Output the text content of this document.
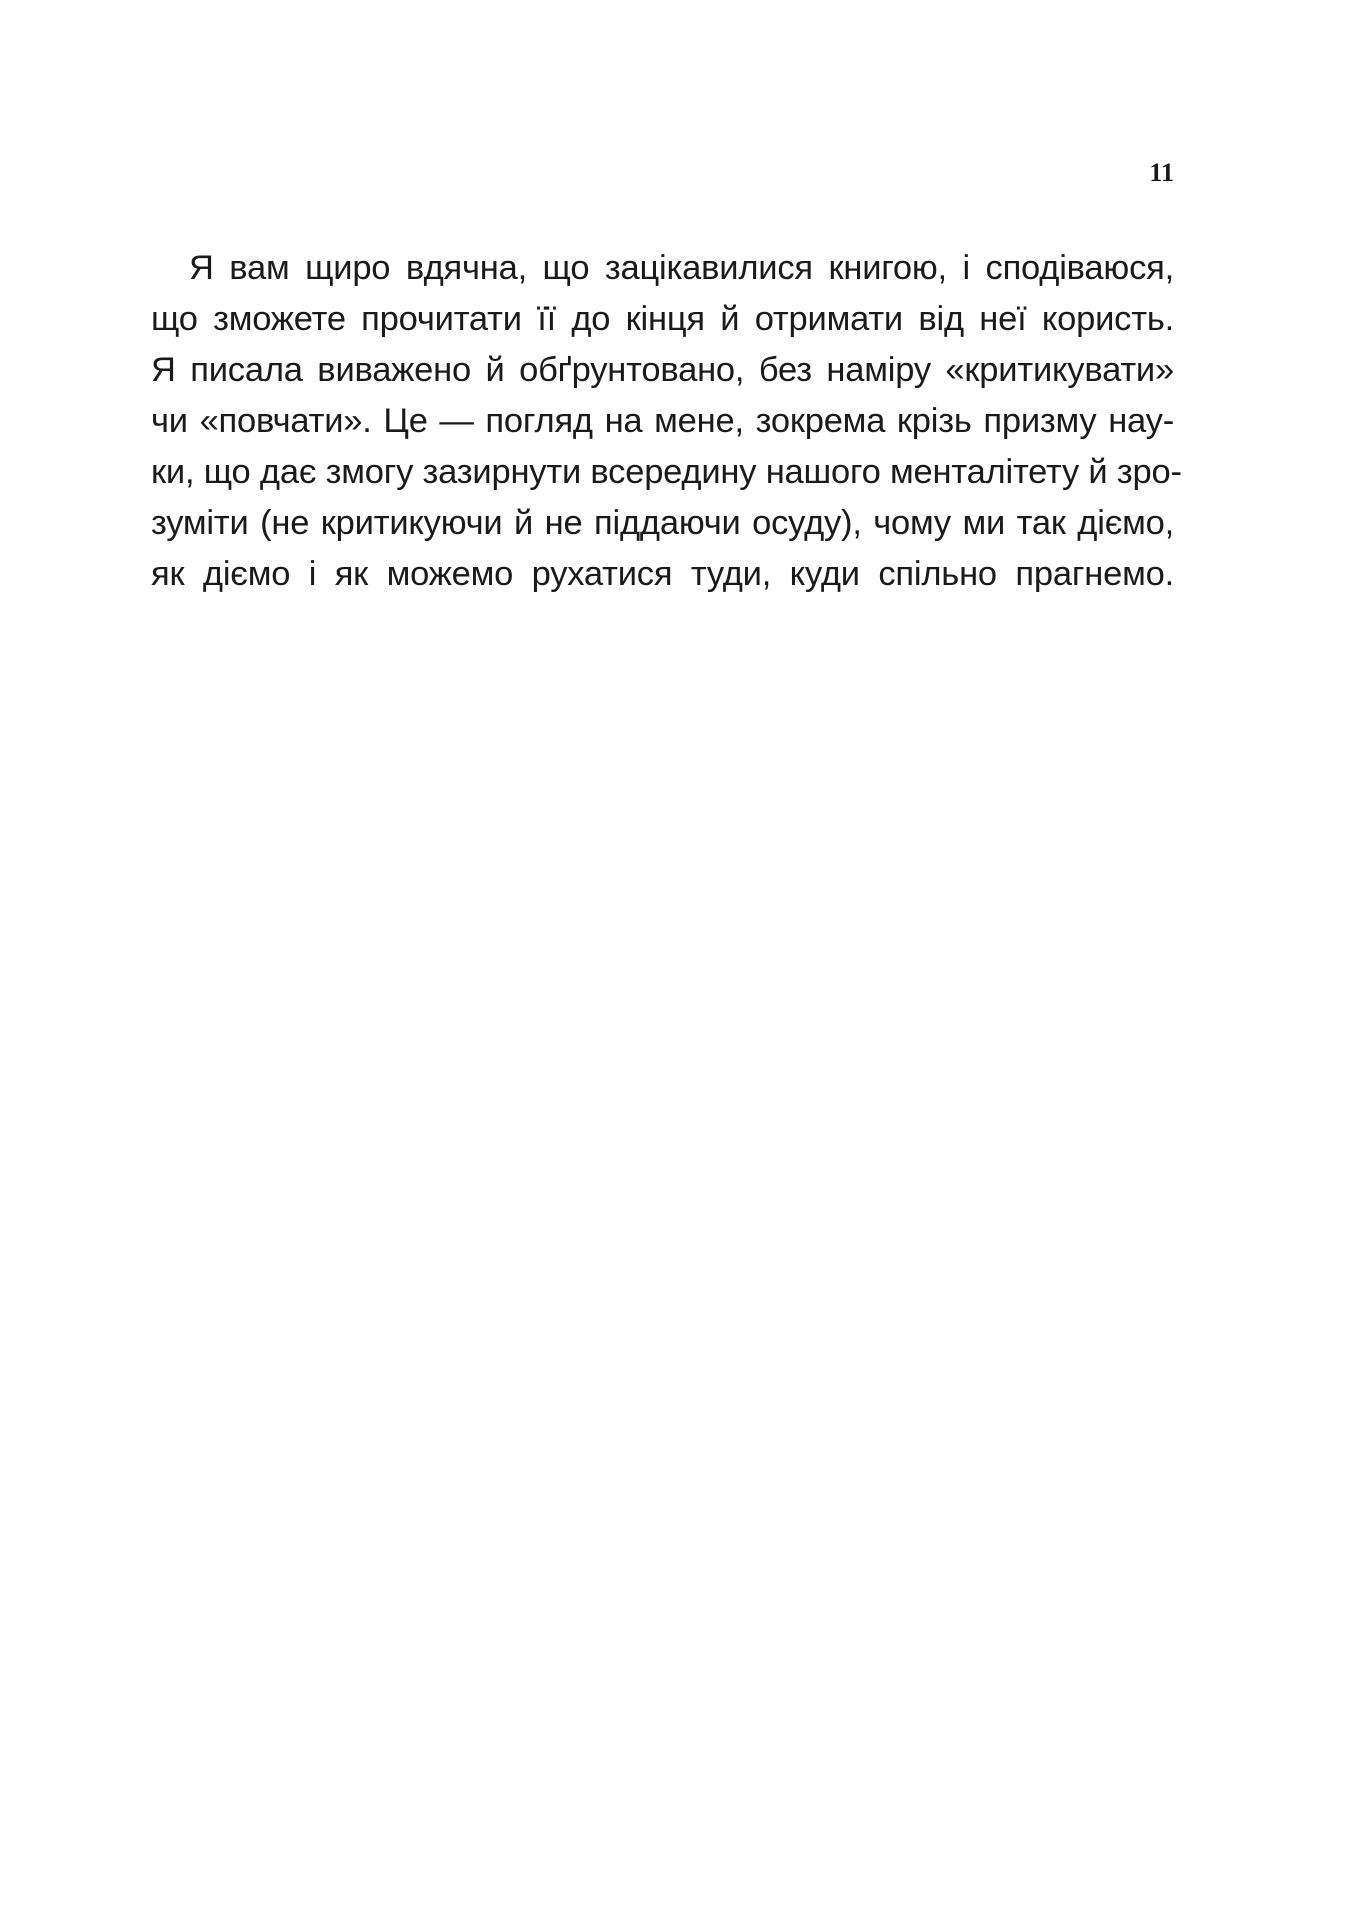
11
Я вам щиро вдячна, що зацікавилися книгою, і сподіваюся,
що зможете прочитати її до кінця й отримати від неї користь.
Я писала виважено й обґрунтовано, без наміру «критикувати»
чи «повчати». Це — погляд на мене, зокрема крізь призму нау-
ки, що дає змогу зазирнути всередину нашого менталітету й зро-
зуміти (не критикуючи й не піддаючи осуду), чому ми так діємо,
як діємо і як можемо рухатися туди, куди спільно прагнемо.
